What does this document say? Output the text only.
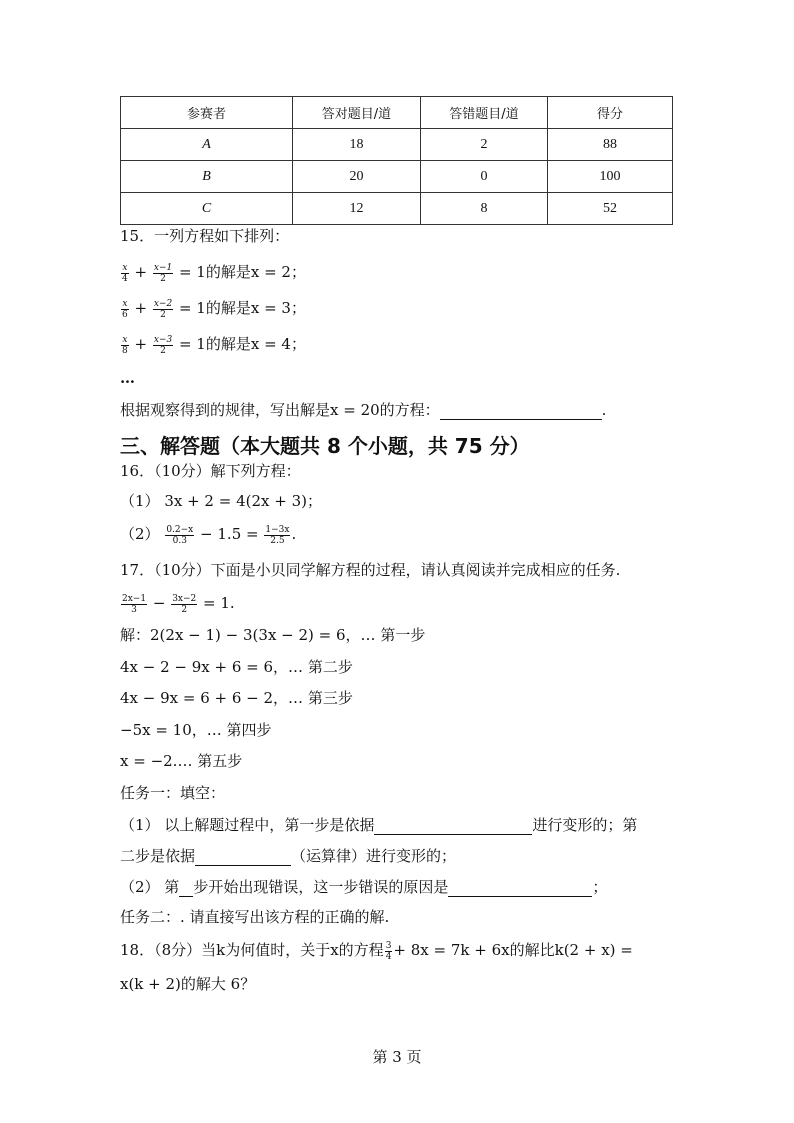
参赛者	答对题目/道	答错题目/道	得分
A	18	2	88
B	20	0	100
C	12	8	52
15．一列方程如下排列：
$\frac{x}{4} + \frac{x-1}{2} = 1$的解是x = 2；
$\frac{x}{6} + \frac{x-2}{2} = 1$的解是x = 3；
$\frac{x}{8} + \frac{x-3}{2} = 1$的解是x = 4；
…
根据观察得到的规律，写出解是x = 20的方程：	.
三、解答题（本大题共 8 个小题，共 75 分）
16．（10分）解下列方程：
（1） 3x + 2 = 4(2x + 3)；
$(2) \frac{0.2-x}{0.3} - 1.5 = \frac{1-3x}{2.5}$ .
17．（10分）下面是小贝同学解方程的过程，请认真阅读并完成相应的任务.
$\frac{2x-1}{3} - \frac{3x-2}{2} = 1$.
解：2(2x − 1) − 3(3x − 2) = 6，… 第一步
4x − 2 − 9x + 6 = 6，… 第二步
4x − 9x = 6 + 6 − 2，… 第三步
−5x = 10，… 第四步
x = −2.… 第五步
任务一：填空：
（1） 以上解题过程中，第一步是依据	进行变形的；第
二步是依据	（运算律）进行变形的；
（2） 第 步开始出现错误，这一步错误的原因是	；
任务二：. 请直接写出该方程的正确的解.
18．（8分）当k为何值时，关于x的方程 $\frac{3}{4} + 8x = 7k + 6x$的解比k(2 + x) =
x(k + 2)的解大 6？
第 3 页
